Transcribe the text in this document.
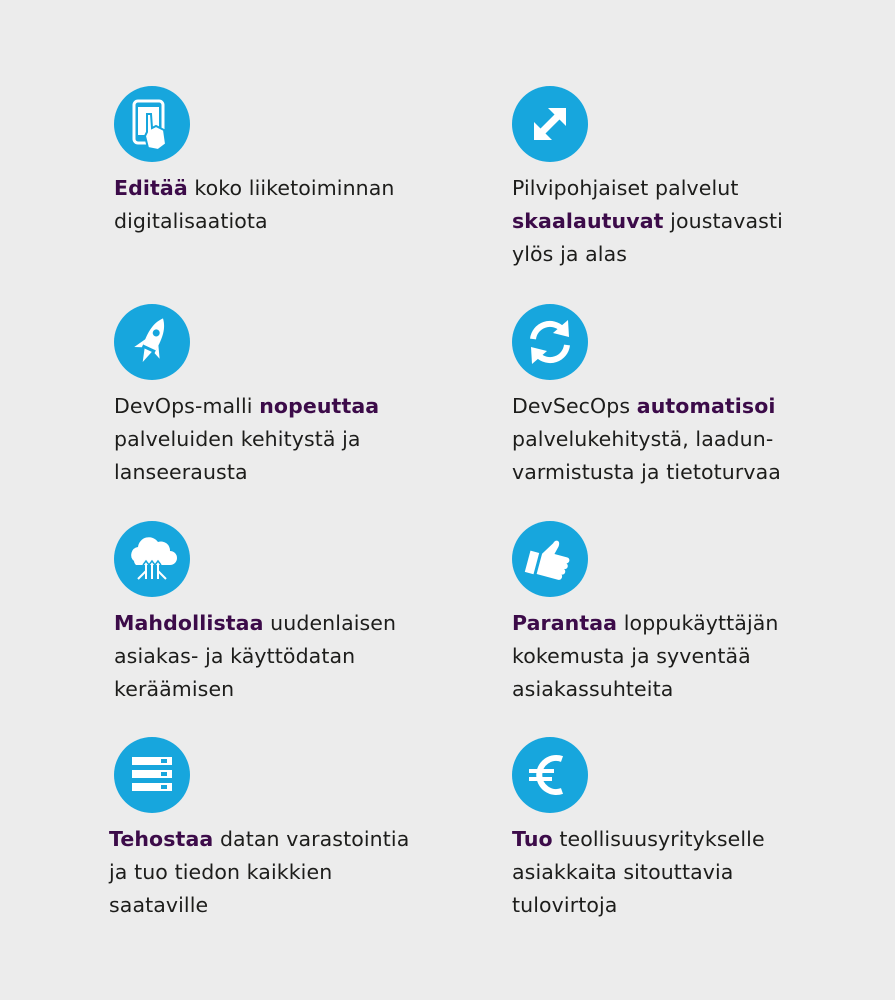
Editää koko liiketoiminnan
digitalisaatiota

Pilvipohjaiset palvelut
skaalautuvat joustavasti
ylös ja alas

DevOps-malli nopeuttaa
palveluiden kehitystä ja
lanseerausta

DevSecOps automatisoi
palvelukehitystä, laadun-
varmistusta ja tietoturvaa

Mahdollistaa uudenlaisen
asiakas- ja käyttödatan
keräämisen

Parantaa loppukäyttäjän
kokemusta ja syventää
asiakassuhteita

Tehostaa datan varastointia
ja tuo tiedon kaikkien
saataville

Tuo teollisuusyritykselle
asiakkaita sitouttavia
tulovirtoja
